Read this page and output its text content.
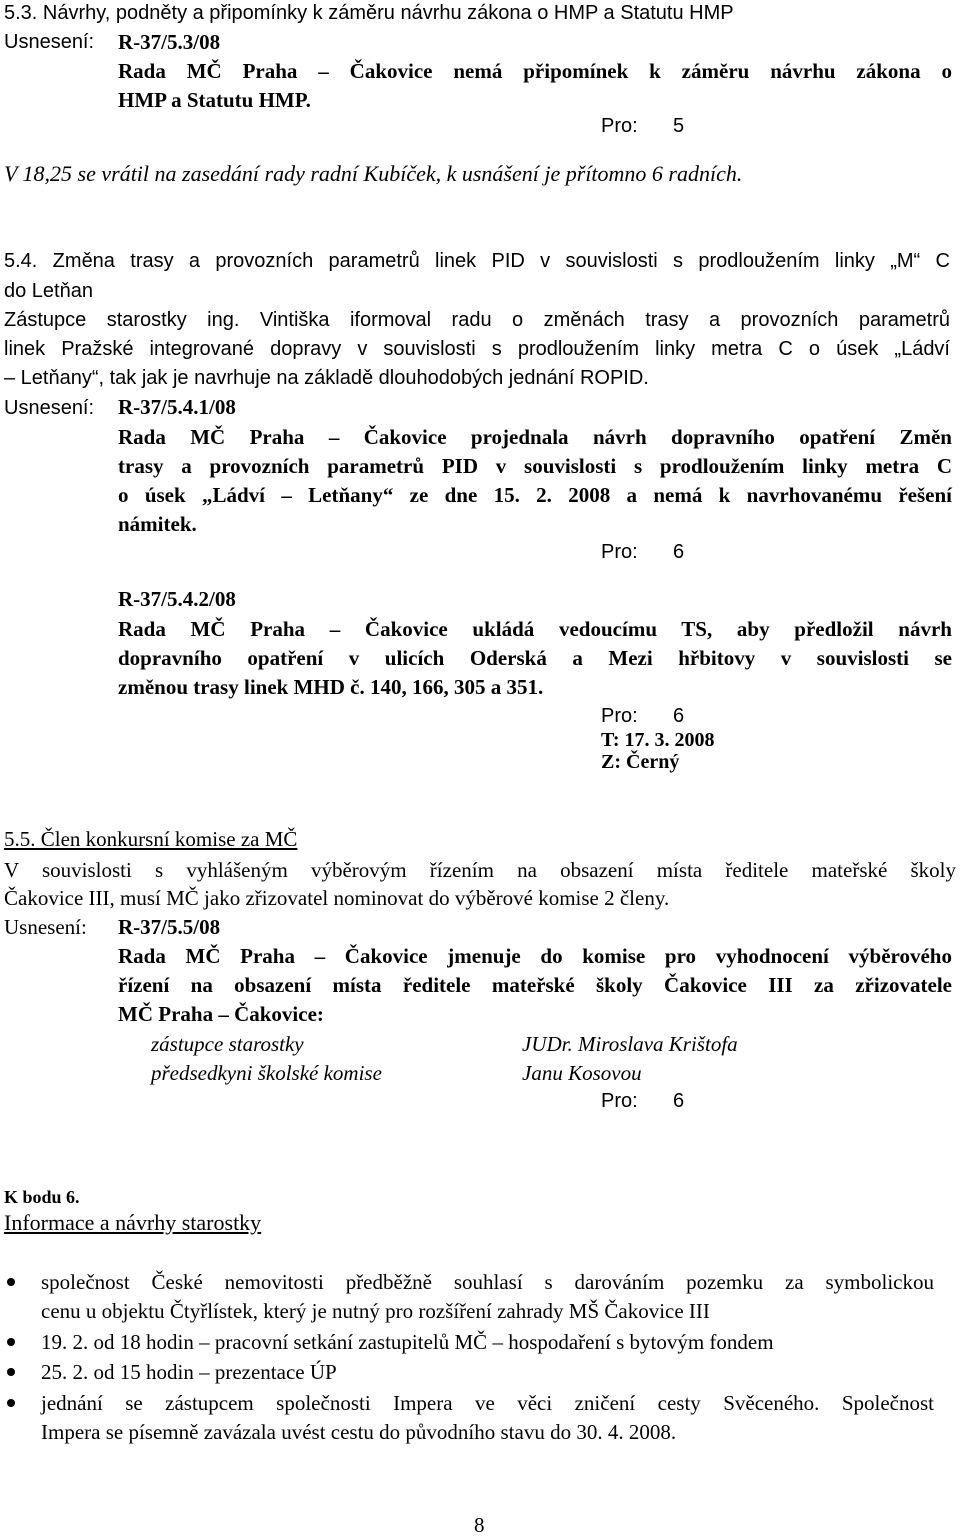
5.3. Návrhy, podněty a připomínky k záměru návrhu zákona o HMP a Statutu HMP
Usnesení: R-37/5.3/08
Rada MČ Praha – Čakovice nemá připomínek k záměru návrhu zákona o
HMP a Statutu HMP.
Pro: 5
V 18,25 se vrátil na zasedání rady radní Kubíček, k usnášení je přítomno 6 radních.
5.4. Změna trasy a provozních parametrů linek PID v souvislosti s prodloužením linky „M“ C
do Letňan
Zástupce starostky ing. Vintiška iformoval radu o změnách trasy a provozních parametrů
linek Pražské integrované dopravy v souvislosti s prodloužením linky metra C o úsek „Ládví
– Letňany“, tak jak je navrhuje na základě dlouhodobých jednání ROPID.
Usnesení: R-37/5.4.1/08
Rada MČ Praha – Čakovice projednala návrh dopravního opatření Změn
trasy a provozních parametrů PID v souvislosti s prodloužením linky metra C
o úsek „Ládví – Letňany“ ze dne 15. 2. 2008 a nemá k navrhovanému řešení
námitek.
Pro: 6
R-37/5.4.2/08
Rada MČ Praha – Čakovice ukládá vedoucímu TS, aby předložil návrh
dopravního opatření v ulicích Oderská a Mezi hřbitovy v souvislosti se
změnou trasy linek MHD č. 140, 166, 305 a 351.
Pro: 6
T: 17. 3. 2008
Z: Černý
5.5. Člen konkursní komise za MČ
V souvislosti s vyhlášeným výběrovým řízením na obsazení místa ředitele mateřské školy
Čakovice III, musí MČ jako zřizovatel nominovat do výběrové komise 2 členy.
Usnesení: R-37/5.5/08
Rada MČ Praha – Čakovice jmenuje do komise pro vyhodnocení výběrového
řízení na obsazení místa ředitele mateřské školy Čakovice III za zřizovatele
MČ Praha – Čakovice:
zástupce starostky	JUDr. Miroslava Krištofa
předsedkyni školské komise	Janu Kosovou
Pro: 6
K bodu 6.
Informace a návrhy starostky
společnost České nemovitosti předběžně souhlasí s darováním pozemku za symbolickou
cenu u objektu Čtyřlístek, který je nutný pro rozšíření zahrady MŠ Čakovice III
19. 2. od 18 hodin – pracovní setkání zastupitelů MČ – hospodaření s bytovým fondem
25. 2. od 15 hodin – prezentace ÚP
jednání se zástupcem společnosti Impera ve věci zničení cesty Svěceného. Společnost
Impera se písemně zavázala uvést cestu do původního stavu do 30. 4. 2008.
8
